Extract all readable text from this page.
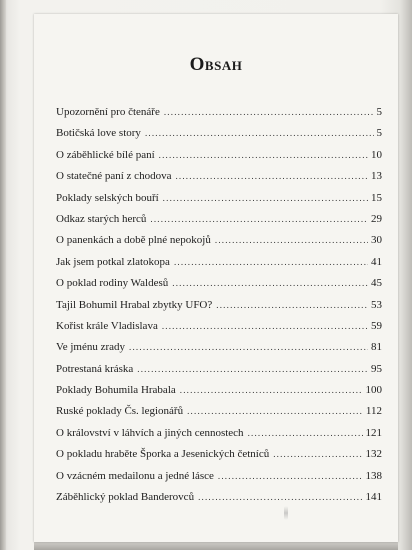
Obsah
Upozornění pro čtenáře .....	5
Botičská love story .....	5
O záběhlické bílé paní .....	10
O statečné paní z chodova .....	13
Poklady selských bouří .....	15
Odkaz starých herců .....	29
O panenkách a době plné nepokojů .....	30
Jak jsem potkal zlatokopa .....	41
O poklad rodiny Waldesů .....	45
Tajil Bohumil Hrabal zbytky UFO? .....	53
Kořist krále Vladislava .....	59
Ve jménu zrady .....	81
Potrestaná kráska .....	95
Poklady Bohumila Hrabala .....	100
Ruské poklady Čs. legionářů .....	112
O království v láhvích a jiných cennostech .....	121
O pokladu hraběte Šporka a Jesenických četníců .....	132
O vzácném medailonu a jedné lásce .....	138
Záběhlický poklad Banderovců .....	141
